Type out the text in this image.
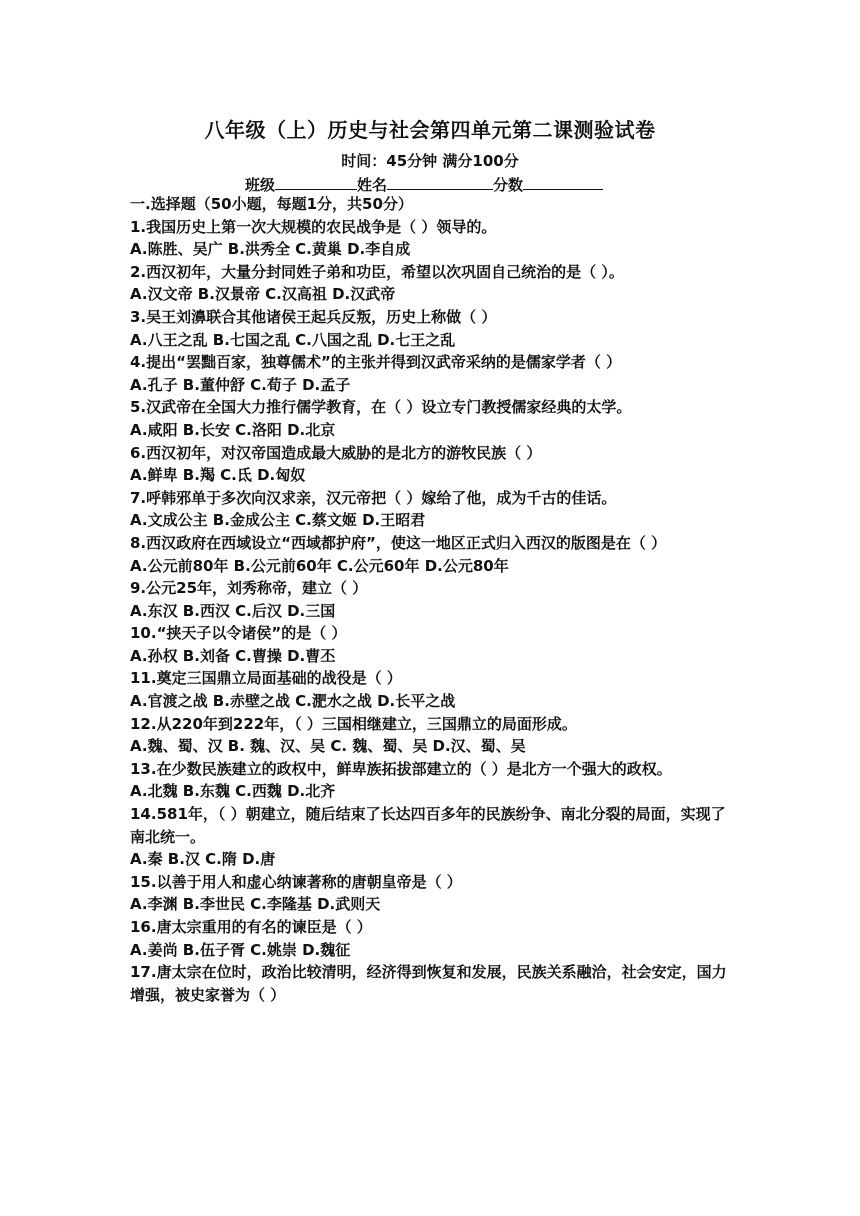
八年级（上）历史与社会第四单元第二课测验试卷
时间：45分钟 满分100分
班级	姓名	分数
一.选择题（50小题，每题1分，共50分）
1.我国历史上第一次大规模的农民战争是（ ）领导的。
A.陈胜、吴广 B.洪秀全 C.黄巢 D.李自成
2.西汉初年，大量分封同姓子弟和功臣，希望以次巩固自己统治的是（ ）。
A.汉文帝 B.汉景帝 C.汉高祖 D.汉武帝
3.吴王刘濞联合其他诸侯王起兵反叛，历史上称做（ ）
A.八王之乱 B.七国之乱 C.八国之乱 D.七王之乱
4.提出“罢黜百家，独尊儒术”的主张并得到汉武帝采纳的是儒家学者（ ）
A.孔子 B.董仲舒 C.荀子 D.孟子
5.汉武帝在全国大力推行儒学教育，在（ ）设立专门教授儒家经典的太学。
A.咸阳 B.长安 C.洛阳 D.北京
6.西汉初年，对汉帝国造成最大威胁的是北方的游牧民族（ ）
A.鲜卑 B.羯 C.氐 D.匈奴
7.呼韩邪单于多次向汉求亲，汉元帝把（ ）嫁给了他，成为千古的佳话。
A.文成公主 B.金成公主 C.蔡文姬 D.王昭君
8.西汉政府在西域设立“西域都护府”，使这一地区正式归入西汉的版图是在（ ）
A.公元前80年 B.公元前60年 C.公元60年 D.公元80年
9.公元25年，刘秀称帝，建立（ ）
A.东汉 B.西汉 C.后汉 D.三国
10.“挟天子以令诸侯”的是（ ）
A.孙权 B.刘备 C.曹操 D.曹丕
11.奠定三国鼎立局面基础的战役是（ ）
A.官渡之战 B.赤壁之战 C.淝水之战 D.长平之战
12.从220年到222年，（ ）三国相继建立，三国鼎立的局面形成。
A.魏、蜀、汉 B. 魏、汉、吴 C. 魏、蜀、吴 D.汉、蜀、吴
13.在少数民族建立的政权中，鲜卑族拓拔部建立的（ ）是北方一个强大的政权。
A.北魏 B.东魏 C.西魏 D.北齐
14.581年，（ ）朝建立，随后结束了长达四百多年的民族纷争、南北分裂的局面，实现了南北统一。
A.秦 B.汉 C.隋 D.唐
15.以善于用人和虚心纳谏著称的唐朝皇帝是（ ）
A.李渊 B.李世民 C.李隆基 D.武则天
16.唐太宗重用的有名的谏臣是（ ）
A.姜尚 B.伍子胥 C.姚崇 D.魏征
17.唐太宗在位时，政治比较清明，经济得到恢复和发展，民族关系融洽，社会安定，国力增强，被史家誉为（ ）
